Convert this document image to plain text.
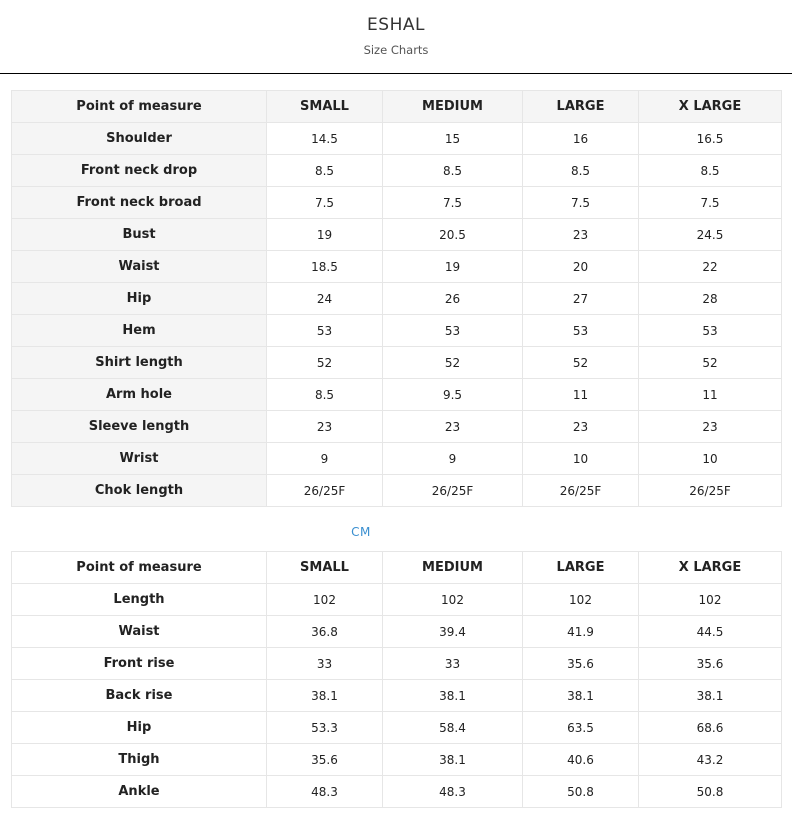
ESHAL
Size Charts
Point of measure	SMALL	MEDIUM	LARGE	X LARGE
Shoulder	14.5	15	16	16.5
Front neck drop	8.5	8.5	8.5	8.5
Front neck broad	7.5	7.5	7.5	7.5
Bust	19	20.5	23	24.5
Waist	18.5	19	20	22
Hip	24	26	27	28
Hem	53	53	53	53
Shirt length	52	52	52	52
Arm hole	8.5	9.5	11	11
Sleeve length	23	23	23	23
Wrist	9	9	10	10
Chok length	26/25F	26/25F	26/25F	26/25F
CM
Point of measure	SMALL	MEDIUM	LARGE	X LARGE
Length	102	102	102	102
Waist	36.8	39.4	41.9	44.5
Front rise	33	33	35.6	35.6
Back rise	38.1	38.1	38.1	38.1
Hip	53.3	58.4	63.5	68.6
Thigh	35.6	38.1	40.6	43.2
Ankle	48.3	48.3	50.8	50.8
